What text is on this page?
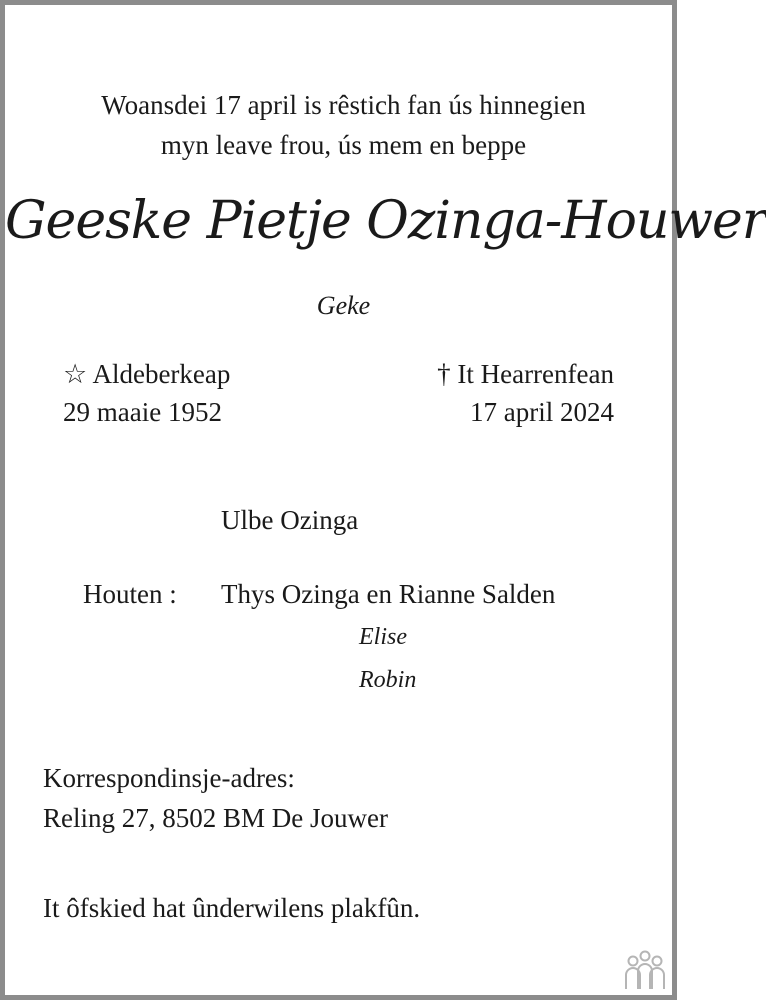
Woansdei 17 april is rêstich fan ús hinnegien
myn leave frou, ús mem en beppe
Geeske Pietje Ozinga-Houwer
Geke
☆ Aldeberkeap
29 maaie 1952
† It Hearrenfean
17 april 2024
Ulbe Ozinga
Houten : Thys Ozinga en Rianne Salden
Elise
Robin
Korrespondinsje-adres:
Reling 27, 8502 BM De Jouwer
It ôfskied hat ûnderwilens plakfûn.
